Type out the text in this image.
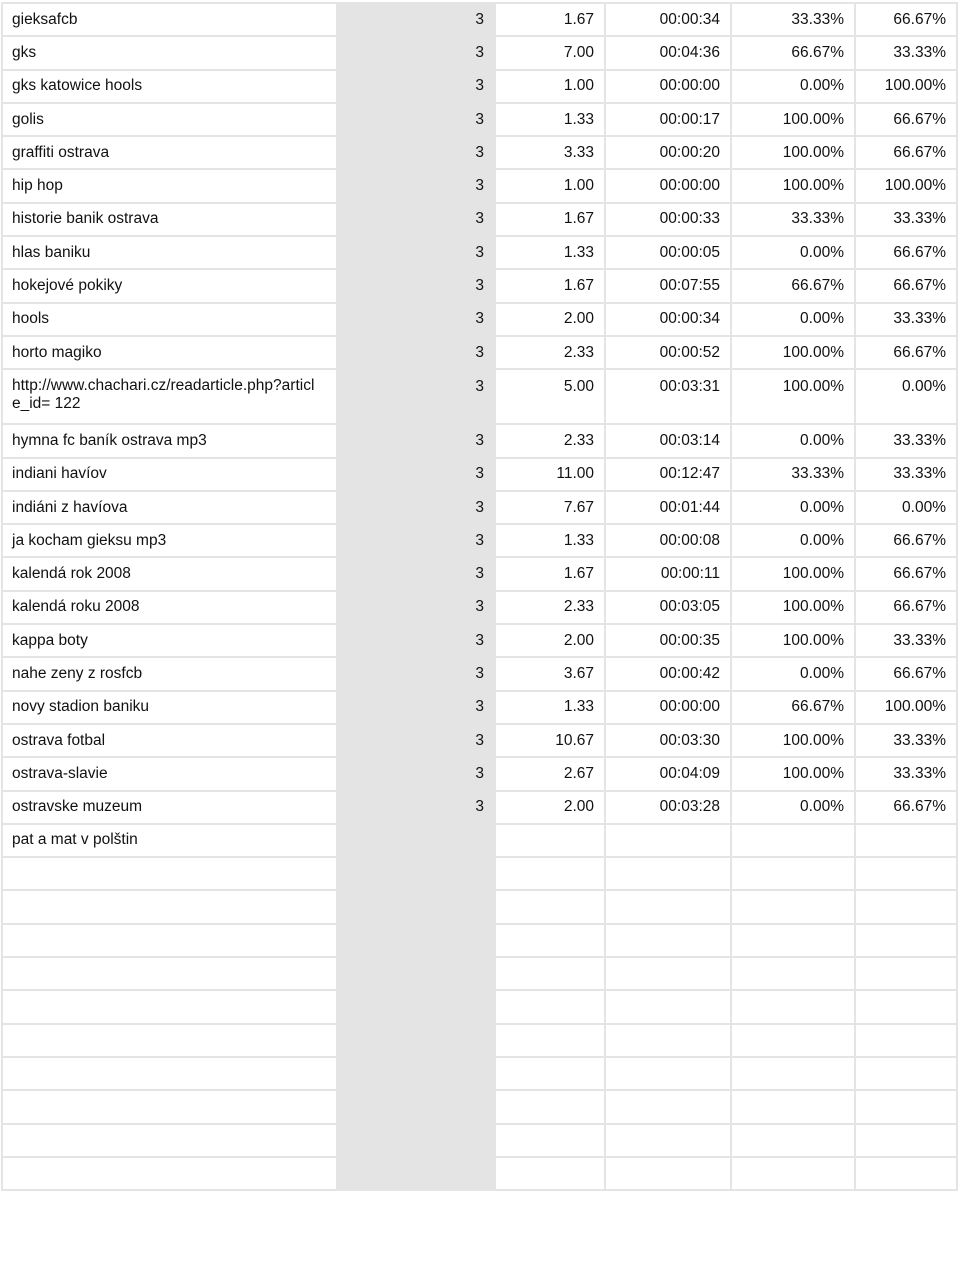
gieksafcb	3	1.67	00:00:34	33.33%	66.67%
gks	3	7.00	00:04:36	66.67%	33.33%
gks katowice hools	3	1.00	00:00:00	0.00%	100.00%
golis	3	1.33	00:00:17	100.00%	66.67%
graffiti ostrava	3	3.33	00:00:20	100.00%	66.67%
hip hop	3	1.00	00:00:00	100.00%	100.00%
historie banik ostrava	3	1.67	00:00:33	33.33%	33.33%
hlas baniku	3	1.33	00:00:05	0.00%	66.67%
hokejové pokiky	3	1.67	00:07:55	66.67%	66.67%
hools	3	2.00	00:00:34	0.00%	33.33%
horto magiko	3	2.33	00:00:52	100.00%	66.67%
http://www.chachari.cz/readarticle.php?articl e_id= 122	3	5.00	00:03:31	100.00%	0.00%
hymna fc baník ostrava mp3	3	2.33	00:03:14	0.00%	33.33%
indiani havíov	3	11.00	00:12:47	33.33%	33.33%
indiáni z havíova	3	7.67	00:01:44	0.00%	0.00%
ja kocham gieksu mp3	3	1.33	00:00:08	0.00%	66.67%
kalendá rok 2008	3	1.67	00:00:11	100.00%	66.67%
kalendá roku 2008	3	2.33	00:03:05	100.00%	66.67%
kappa boty	3	2.00	00:00:35	100.00%	33.33%
nahe zeny z rosfcb	3	3.67	00:00:42	0.00%	66.67%
novy stadion baniku	3	1.33	00:00:00	66.67%	100.00%
ostrava fotbal	3	10.67	00:03:30	100.00%	33.33%
ostrava-slavie	3	2.67	00:04:09	100.00%	33.33%
ostravske muzeum	3	2.00	00:03:28	0.00%	66.67%
pat a mat v polštin					
